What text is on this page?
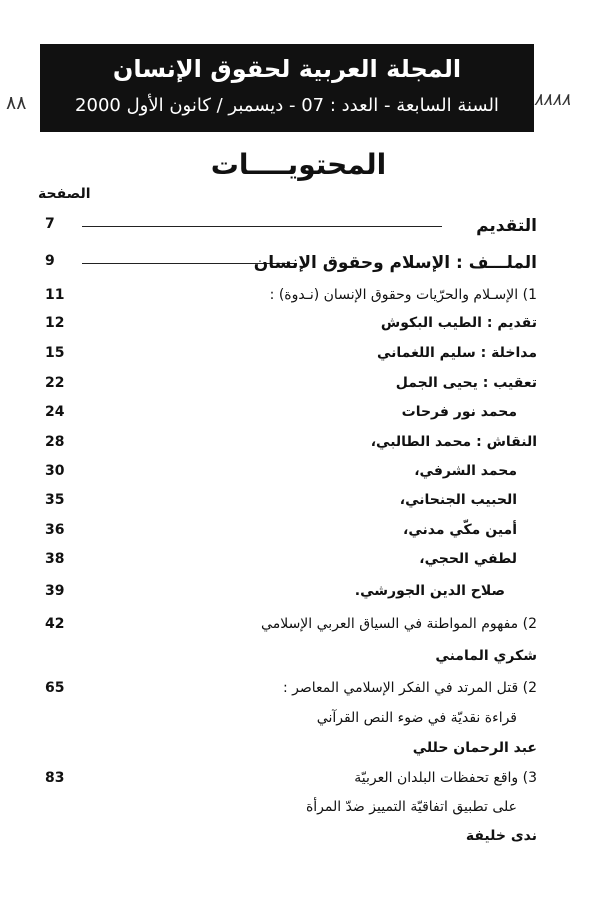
٨٨	٨٨٨٨
المجلة العربية لحقوق الإنسان
السنة السابعة - العدد : 07 - ديسمبر / كانون الأول 2000
المحتويــــات
الصفحة
7	التقديم
9	الملـــف : الإسلام وحقوق الإنسان
11	1) الإسـلام والحرّيات وحقوق الإنسان (نـدوة) :
12	تقديم : الطيب البكوش
15	مداخلة : سليم اللغماني
22	تعقيب : يحيى الجمل
24	محمد نور فرحات
28	النقاش : محمد الطالبي،
30	محمد الشرفي،
35	الحبيب الجنحاني،
36	أمين مكّي مدني،
38	لطفي الحجي،
39	صلاح الدين الجورشي.
42	2) مفهوم المواطنة في السياق العربي الإسلامي
شكري المامني
65	2) قتل المرتد في الفكر الإسلامي المعاصر :
قراءة نقديّة في ضوء النص القرآني
عبد الرحمان حللي
83	3) واقع تحفظات البلدان العربيّة
على تطبيق اتفاقيّة التمييز ضدّ المرأة
ندى خليفة
